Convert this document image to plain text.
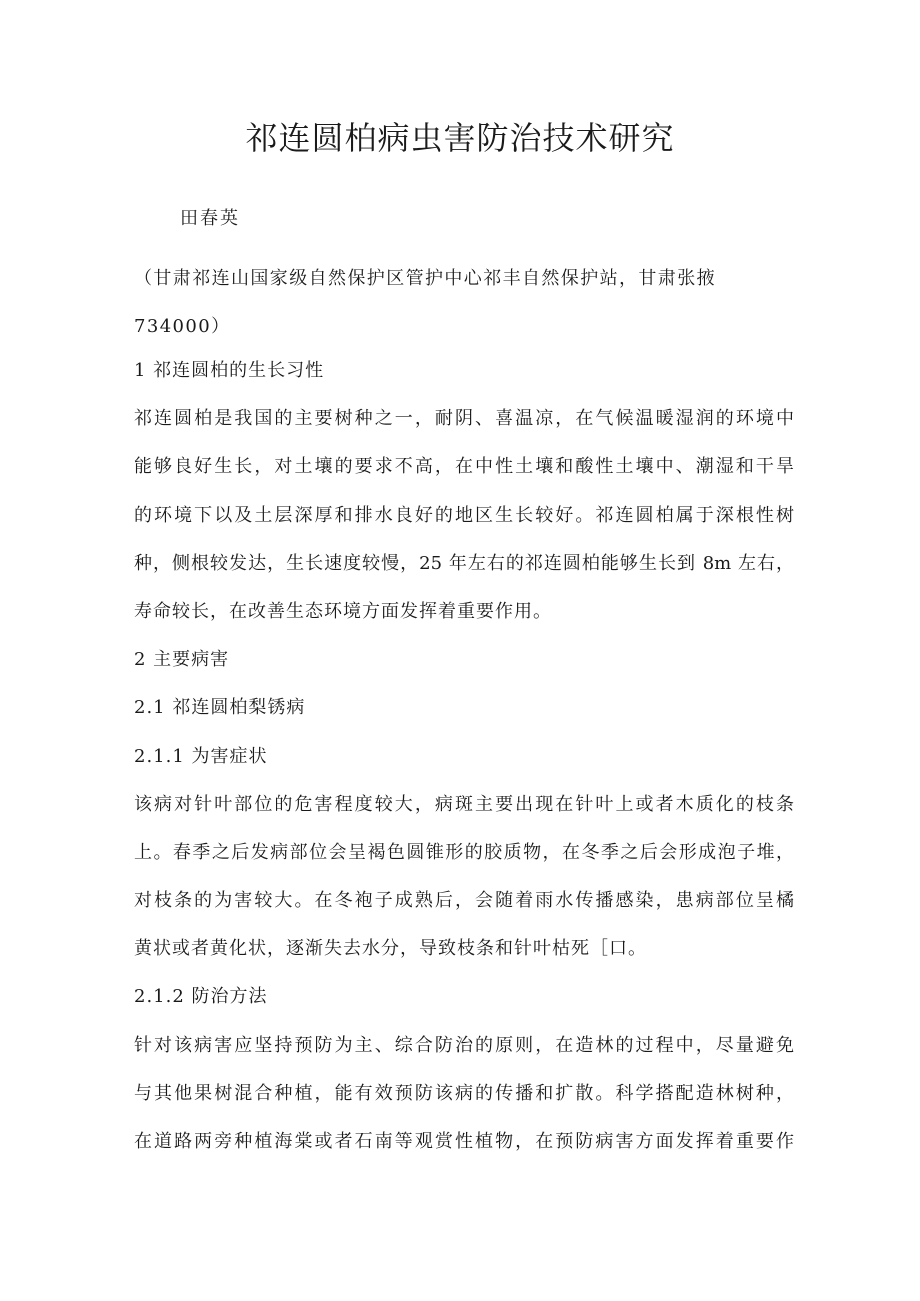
祁连圆柏病虫害防治技术研究

田春英

（甘肃祁连山国家级自然保护区管护中心祁丰自然保护站，甘肃张掖734000）

1 祁连圆柏的生长习性
祁连圆柏是我国的主要树种之一，耐阴、喜温凉，在气候温暖湿润的环境中
能够良好生长，对土壤的要求不高，在中性土壤和酸性土壤中、潮湿和干旱
的环境下以及土层深厚和排水良好的地区生长较好。祁连圆柏属于深根性树
种，侧根较发达，生长速度较慢，25 年左右的祁连圆柏能够生长到 8m 左右，
寿命较长，在改善生态环境方面发挥着重要作用。
2 主要病害
2.1 祁连圆柏梨锈病
2.1.1 为害症状
该病对针叶部位的危害程度较大，病斑主要出现在针叶上或者木质化的枝条
上。春季之后发病部位会呈褐色圆锥形的胶质物，在冬季之后会形成泡子堆，
对枝条的为害较大。在冬袍子成熟后，会随着雨水传播感染，患病部位呈橘
黄状或者黄化状，逐渐失去水分，导致枝条和针叶枯死［口。
2.1.2 防治方法
针对该病害应坚持预防为主、综合防治的原则，在造林的过程中，尽量避免
与其他果树混合种植，能有效预防该病的传播和扩散。科学搭配造林树种，
在道路两旁种植海棠或者石南等观赏性植物，在预防病害方面发挥着重要作
